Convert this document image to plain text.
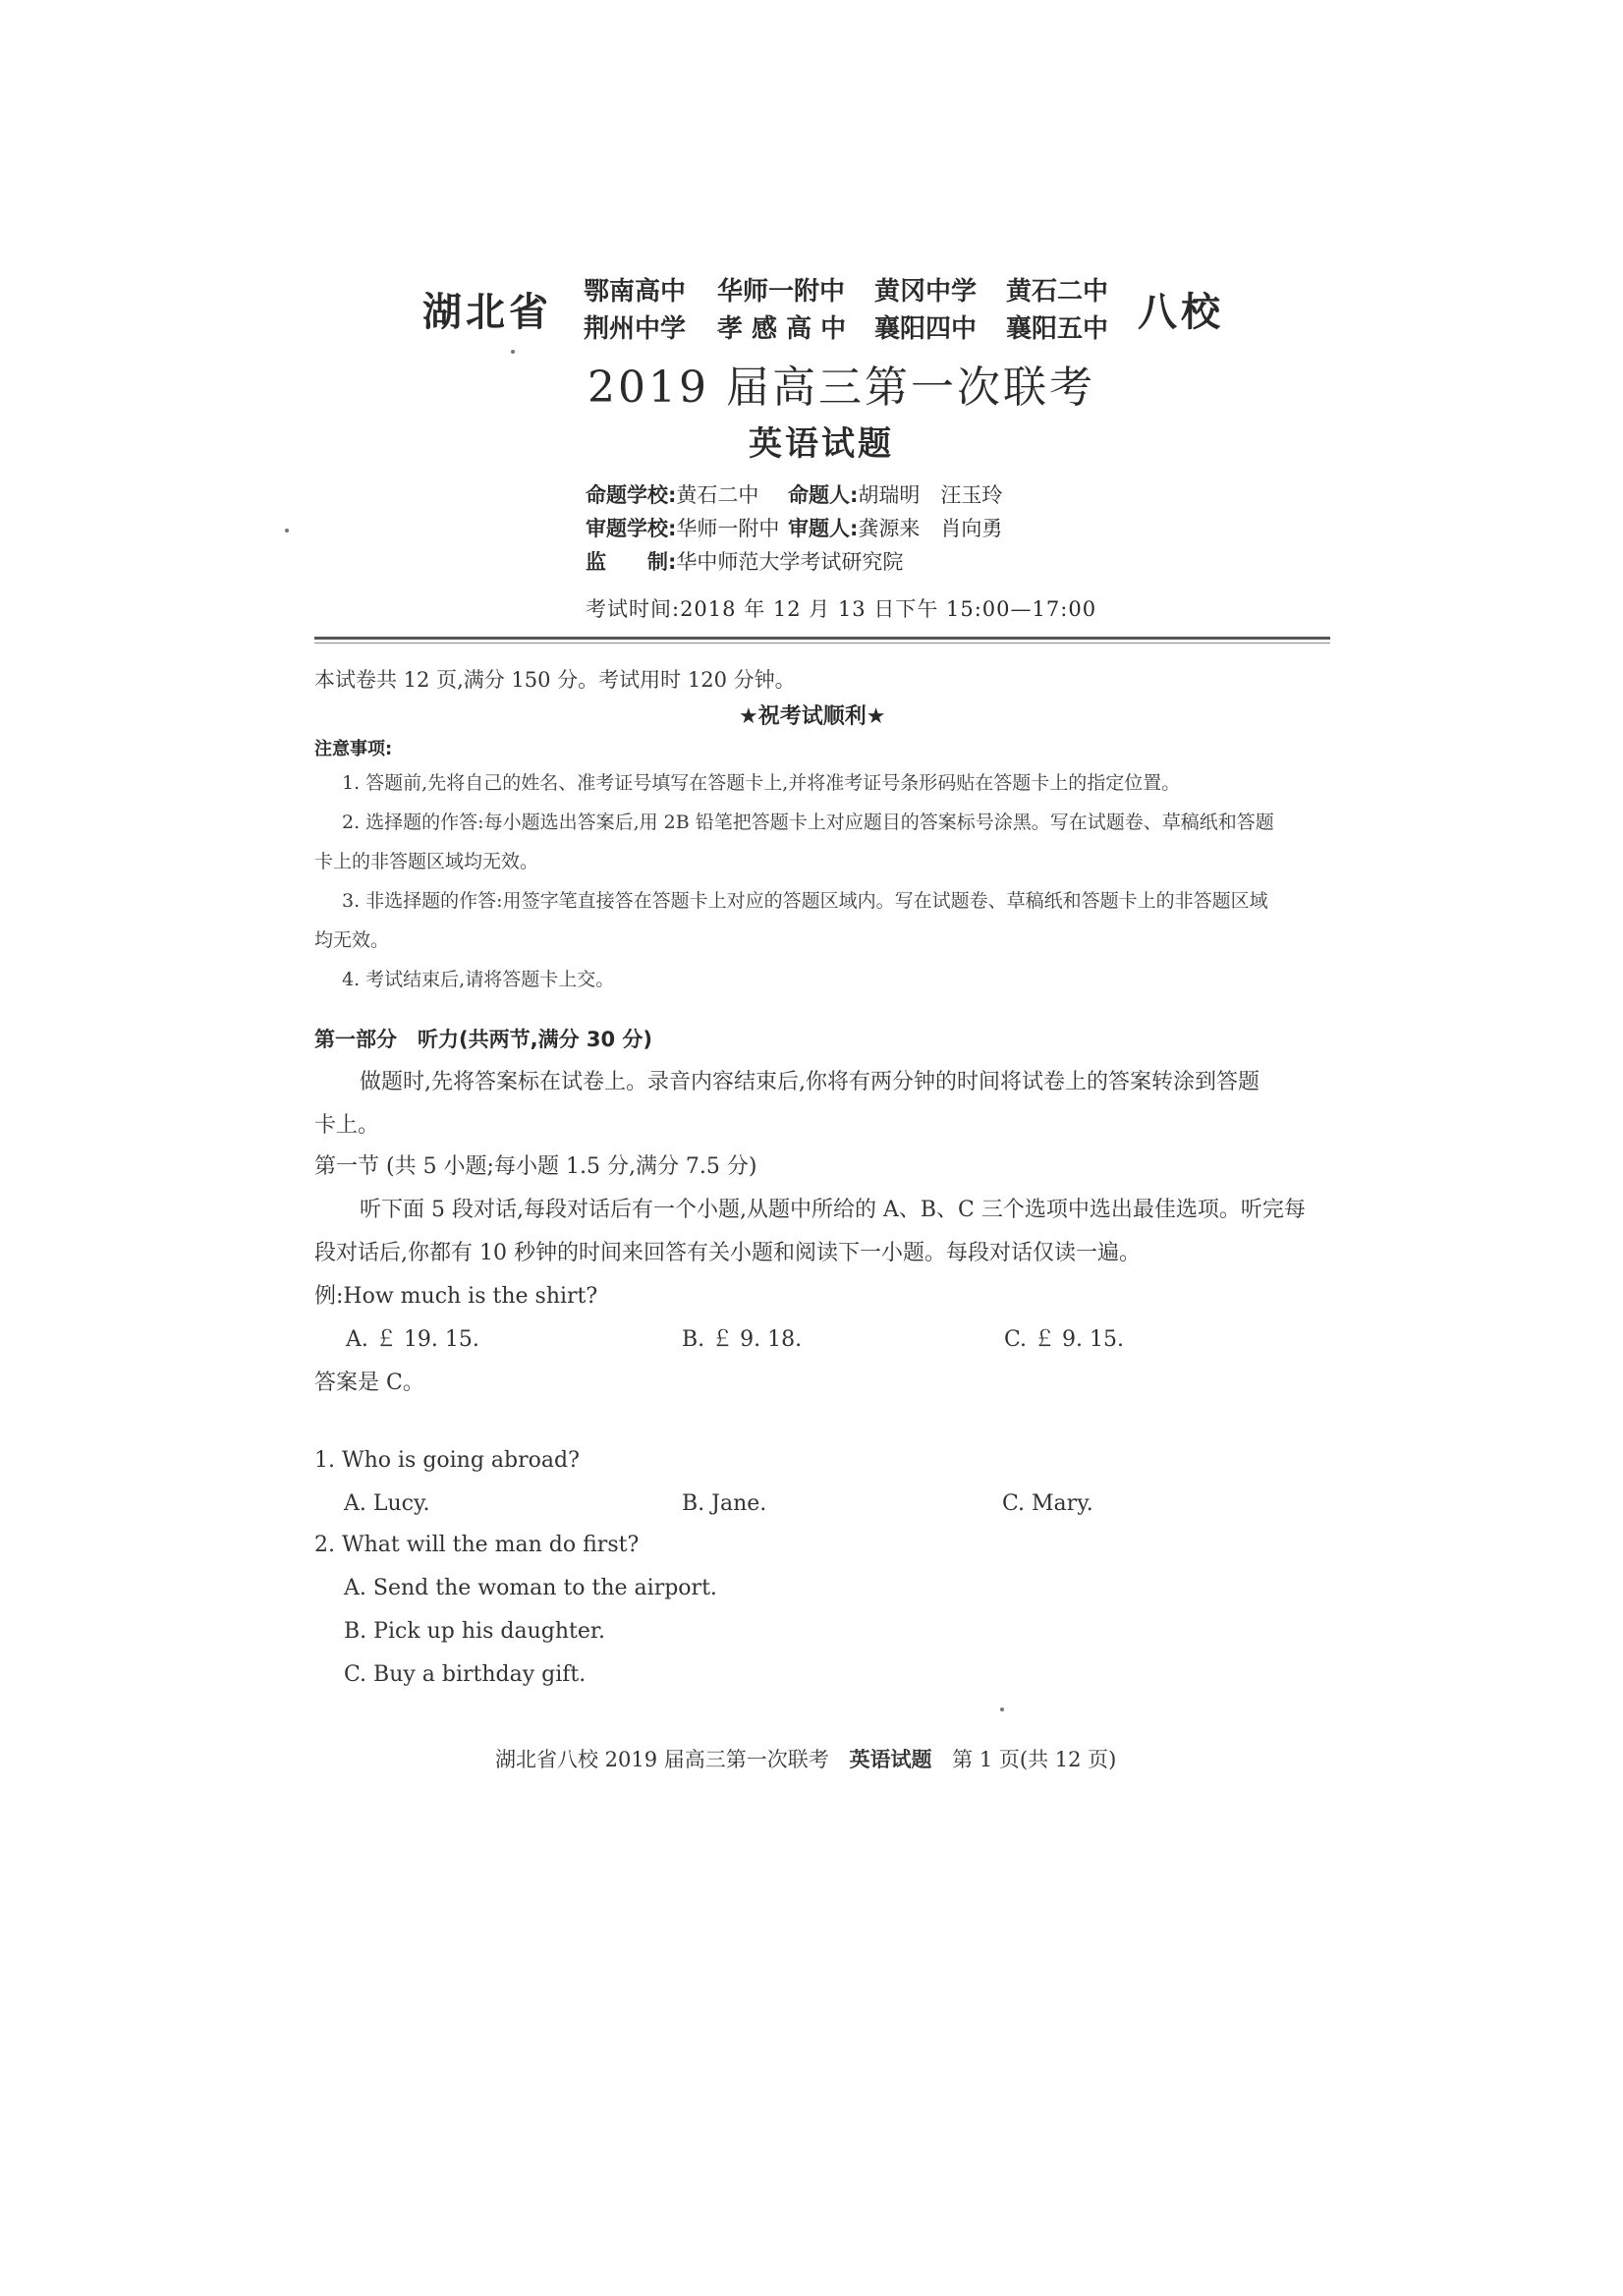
湖北省 鄂南高中 华师一附中 黄冈中学 黄石二中
荆州中学 孝 感 高 中 襄阳四中 襄阳五中 八校
2019 届高三第一次联考
英语试题
命题学校:黄石二中 命题人:胡瑞明　汪玉玲
审题学校:华师一附中 审题人:龚源来　肖向勇
监　　制:华中师范大学考试研究院
考试时间:2018 年 12 月 13 日下午 15:00—17:00
本试卷共 12 页,满分 150 分。考试用时 120 分钟。
★祝考试顺利★
注意事项:
1. 答题前,先将自己的姓名、准考证号填写在答题卡上,并将准考证号条形码贴在答题卡上的指定位置。
2. 选择题的作答:每小题选出答案后,用 2B 铅笔把答题卡上对应题目的答案标号涂黑。写在试题卷、草稿纸和答题
卡上的非答题区域均无效。
3. 非选择题的作答:用签字笔直接答在答题卡上对应的答题区域内。写在试题卷、草稿纸和答题卡上的非答题区域
均无效。
4. 考试结束后,请将答题卡上交。
第一部分　听力(共两节,满分 30 分)
做题时,先将答案标在试卷上。录音内容结束后,你将有两分钟的时间将试卷上的答案转涂到答题
卡上。
第一节 (共 5 小题;每小题 1.5 分,满分 7.5 分)
听下面 5 段对话,每段对话后有一个小题,从题中所给的 A、B、C 三个选项中选出最佳选项。听完每
段对话后,你都有 10 秒钟的时间来回答有关小题和阅读下一小题。每段对话仅读一遍。
例:How much is the shirt?
A. ￡ 19. 15.	B. ￡ 9. 18.	C. ￡ 9. 15.
答案是 C。
1. Who is going abroad?
A. Lucy.	B. Jane.	C. Mary.
2. What will the man do first?
A. Send the woman to the airport.
B. Pick up his daughter.
C. Buy a birthday gift.
湖北省八校 2019 届高三第一次联考 英语试题 第 1 页(共 12 页)
